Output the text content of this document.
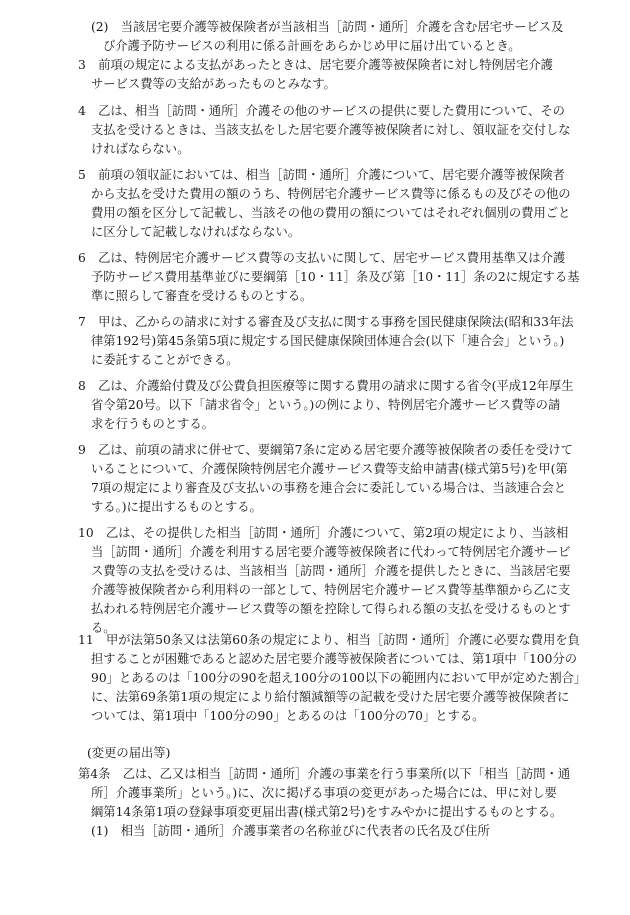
(2)　当該居宅要介護等被保険者が当該相当［訪問・通所］介護を含む居宅サービス及
び介護予防サービスの利用に係る計画をあらかじめ甲に届け出ているとき。
3　前項の規定による支払があったときは、居宅要介護等被保険者に対し特例居宅介護
サービス費等の支給があったものとみなす。
4　乙は、相当［訪問・通所］介護その他のサービスの提供に要した費用について、その
支払を受けるときは、当該支払をした居宅要介護等被保険者に対し、領収証を交付しな
ければならない。
5　前項の領収証においては、相当［訪問・通所］介護について、居宅要介護等被保険者
から支払を受けた費用の額のうち、特例居宅介護サービス費等に係るもの及びその他の
費用の額を区分して記載し、当該その他の費用の額についてはそれぞれ個別の費用ごと
に区分して記載しなければならない。
6　乙は、特例居宅介護サービス費等の支払いに関して、居宅サービス費用基準又は介護
予防サービス費用基準並びに要綱第［10・11］条及び第［10・11］条の2に規定する基
準に照らして審査を受けるものとする。
7　甲は、乙からの請求に対する審査及び支払に関する事務を国民健康保険法(昭和33年法
律第192号)第45条第5項に規定する国民健康保険団体連合会(以下「連合会」という。)
に委託することができる。
8　乙は、介護給付費及び公費負担医療等に関する費用の請求に関する省令(平成12年厚生
省令第20号。以下「請求省令」という。)の例により、特例居宅介護サービス費等の請
求を行うものとする。
9　乙は、前項の請求に併せて、要綱第7条に定める居宅要介護等被保険者の委任を受けて
いることについて、介護保険特例居宅介護サービス費等支給申請書(様式第5号)を甲(第
7項の規定により審査及び支払いの事務を連合会に委託している場合は、当該連合会と
する。)に提出するものとする。
10　乙は、その提供した相当［訪問・通所］介護について、第2項の規定により、当該相
当［訪問・通所］介護を利用する居宅要介護等被保険者に代わって特例居宅介護サービ
ス費等の支払を受けるは、当該相当［訪問・通所］介護を提供したときに、当該居宅要
介護等被保険者から利用料の一部として、特例居宅介護サービス費等基準額から乙に支
払われる特例居宅介護サービス費等の額を控除して得られる額の支払を受けるものとす
る。
11　甲が法第50条又は法第60条の規定により、相当［訪問・通所］介護に必要な費用を負
担することが困難であると認めた居宅要介護等被保険者については、第1項中「100分の
90」とあるのは「100分の90を超え100分の100以下の範囲内において甲が定めた割合」
に、法第69条第1項の規定により給付額減額等の記載を受けた居宅要介護等被保険者に
ついては、第1項中「100分の90」とあるのは「100分の70」とする。
(変更の届出等)
第4条　乙は、乙又は相当［訪問・通所］介護の事業を行う事業所(以下「相当［訪問・通
所］介護事業所」という。)に、次に掲げる事項の変更があった場合には、甲に対し要
綱第14条第1項の登録事項変更届出書(様式第2号)をすみやかに提出するものとする。
(1)　相当［訪問・通所］介護事業者の名称並びに代表者の氏名及び住所
